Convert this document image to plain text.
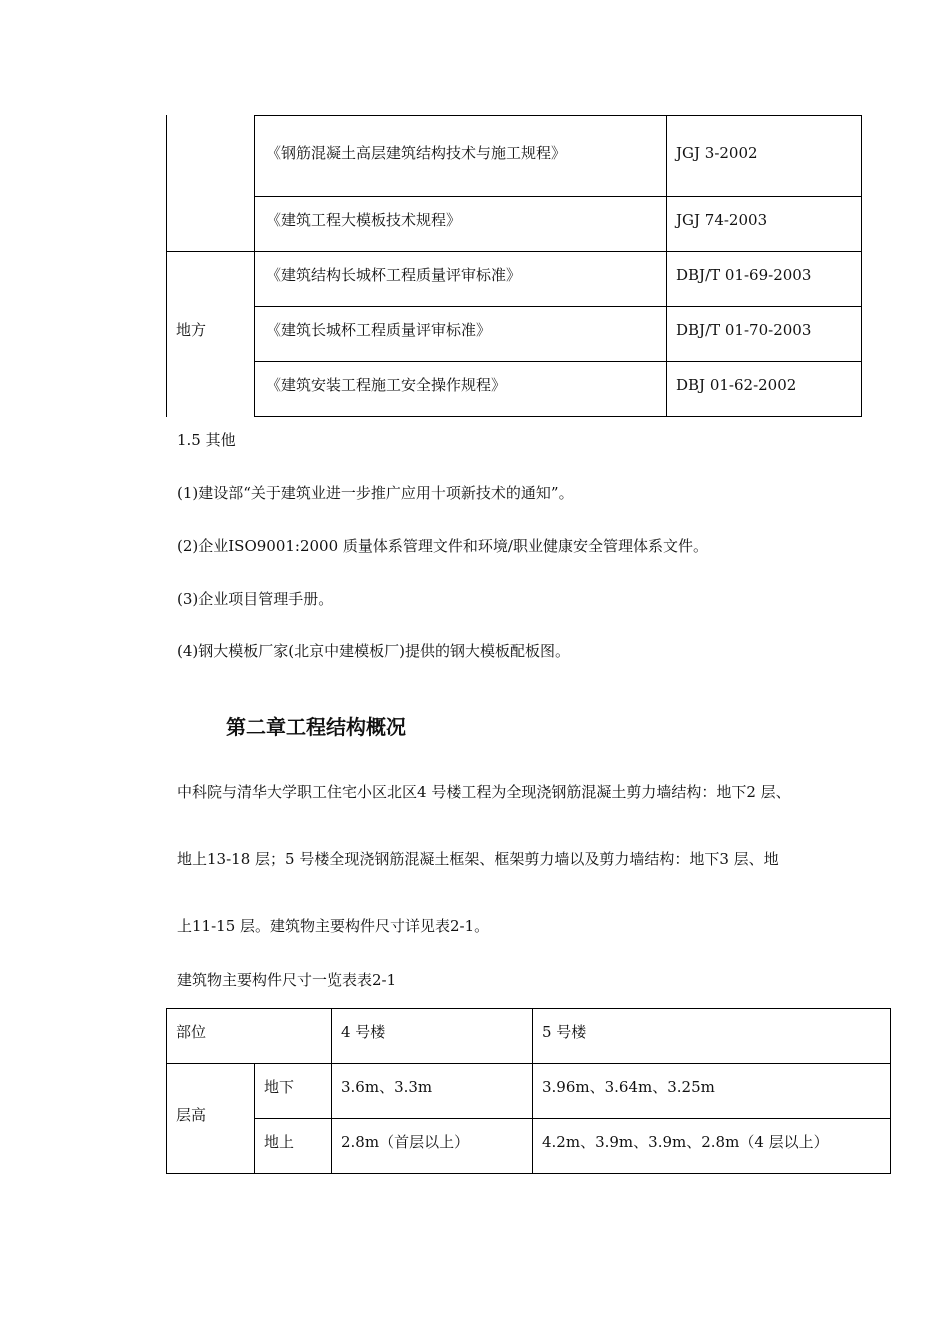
《钢筋混凝土高层建筑结构技术与施工规程》	JGJ 3-2002
《建筑工程大模板技术规程》	JGJ 74-2003
地方
《建筑结构长城杯工程质量评审标准》	DBJ/T 01-69-2003
《建筑长城杯工程质量评审标准》	DBJ/T 01-70-2003
《建筑安装工程施工安全操作规程》	DBJ 01-62-2002
1.5 其他
(1)建设部“关于建筑业进一步推广应用十项新技术的通知”。
(2)企业ISO9001:2000 质量体系管理文件和环境/职业健康安全管理体系文件。
(3)企业项目管理手册。
(4)钢大模板厂家(北京中建模板厂)提供的钢大模板配板图。
第二章工程结构概况
中科院与清华大学职工住宅小区北区4 号楼工程为全现浇钢筋混凝土剪力墙结构：地下2 层、
地上13-18 层；5 号楼全现浇钢筋混凝土框架、框架剪力墙以及剪力墙结构：地下3 层、地
上11-15 层。建筑物主要构件尺寸详见表2-1。
建筑物主要构件尺寸一览表表2-1
部位	4 号楼	5 号楼
层高
地下	3.6m、3.3m	3.96m、3.64m、3.25m
地上	2.8m（首层以上）	4.2m、3.9m、3.9m、2.8m（4 层以上）
